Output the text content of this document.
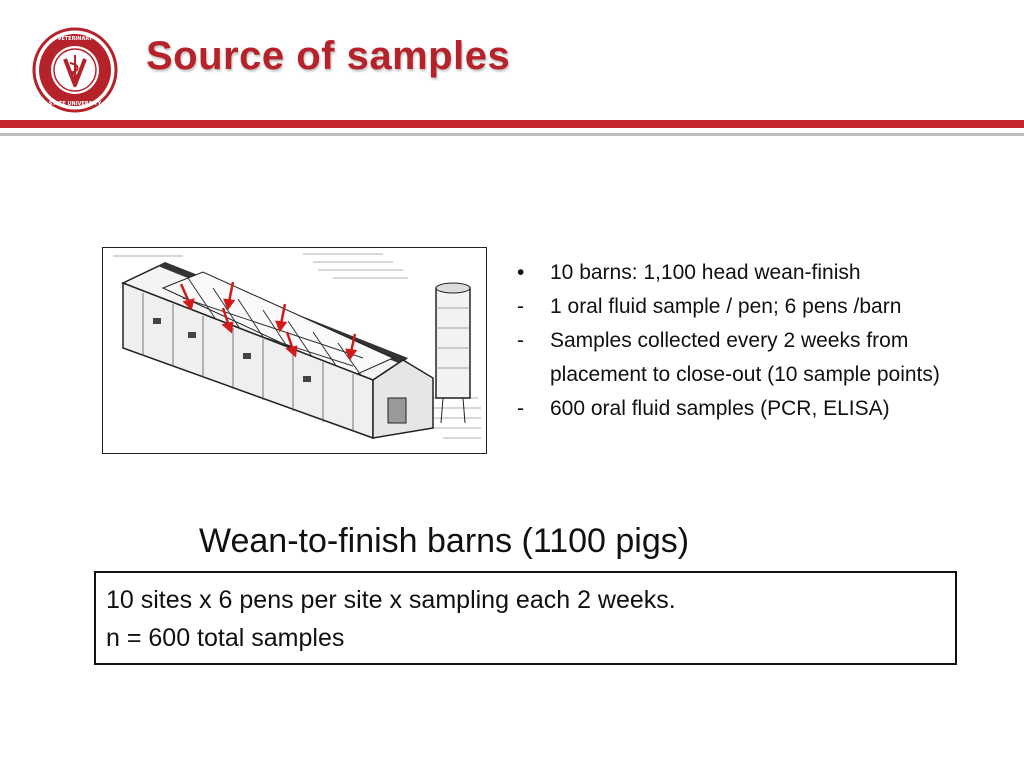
VETERINARY
STATE UNIVERSITY
Source of samples
•	10 barns: 1,100 head wean-finish
-	1 oral fluid sample / pen; 6 pens /barn
-	Samples collected every 2 weeks from placement to close-out (10 sample points)
-	600 oral fluid samples (PCR, ELISA)
Wean-to-finish barns (1100 pigs)
10 sites x 6 pens per site x sampling each 2 weeks.
n = 600 total samples
